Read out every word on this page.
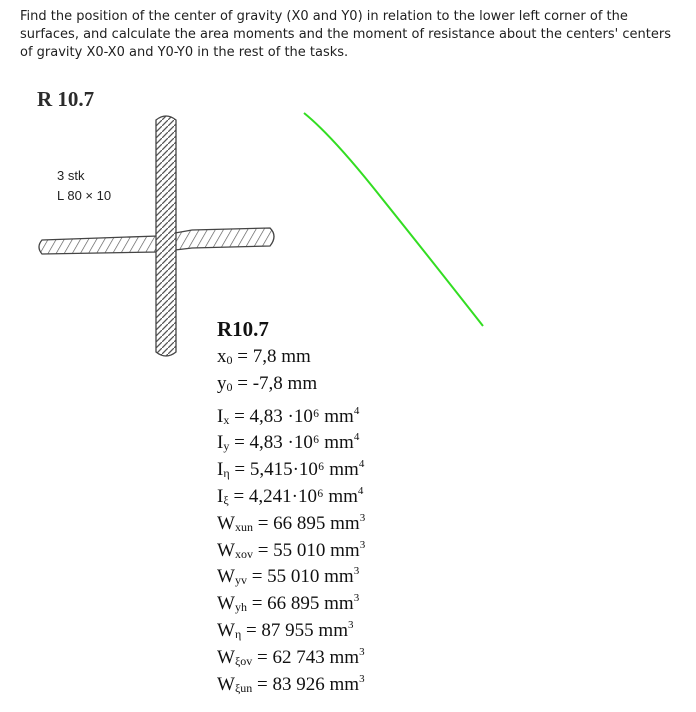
Find the position of the center of gravity (X0 and Y0) in relation to the lower left corner of the
surfaces, and calculate the area moments and the moment of resistance about the centers' centers
of gravity X0-X0 and Y0-Y0 in the rest of the tasks.
R 10.7
3 stk
L 80 × 10
R10.7
$x_0 = 7,8$ mm
$y_0 = -7,8$ mm
$I_x = 4,83 \cdot 10^6$ $mm^4$
$I_y = 4,83 \cdot 10^6$ $mm^4$
$I_\eta = 5,415\cdot 10^6$ $mm^4$
$I_\xi = 4,241\cdot 10^6$ $mm^4$
$W_{xun} = 66$ 895 $mm^3$
$W_{xov} = 55$ 010 $mm^3$
$W_{yv} = 55$ 010 $mm^3$
$W_{yh} = 66$ 895 $mm^3$
$W_\eta = 87$ 955 $mm^3$
$W_{\xi ov} = 62$ 743 $mm^3$
$W_{\xi un} = 83$ 926 $mm^3$
